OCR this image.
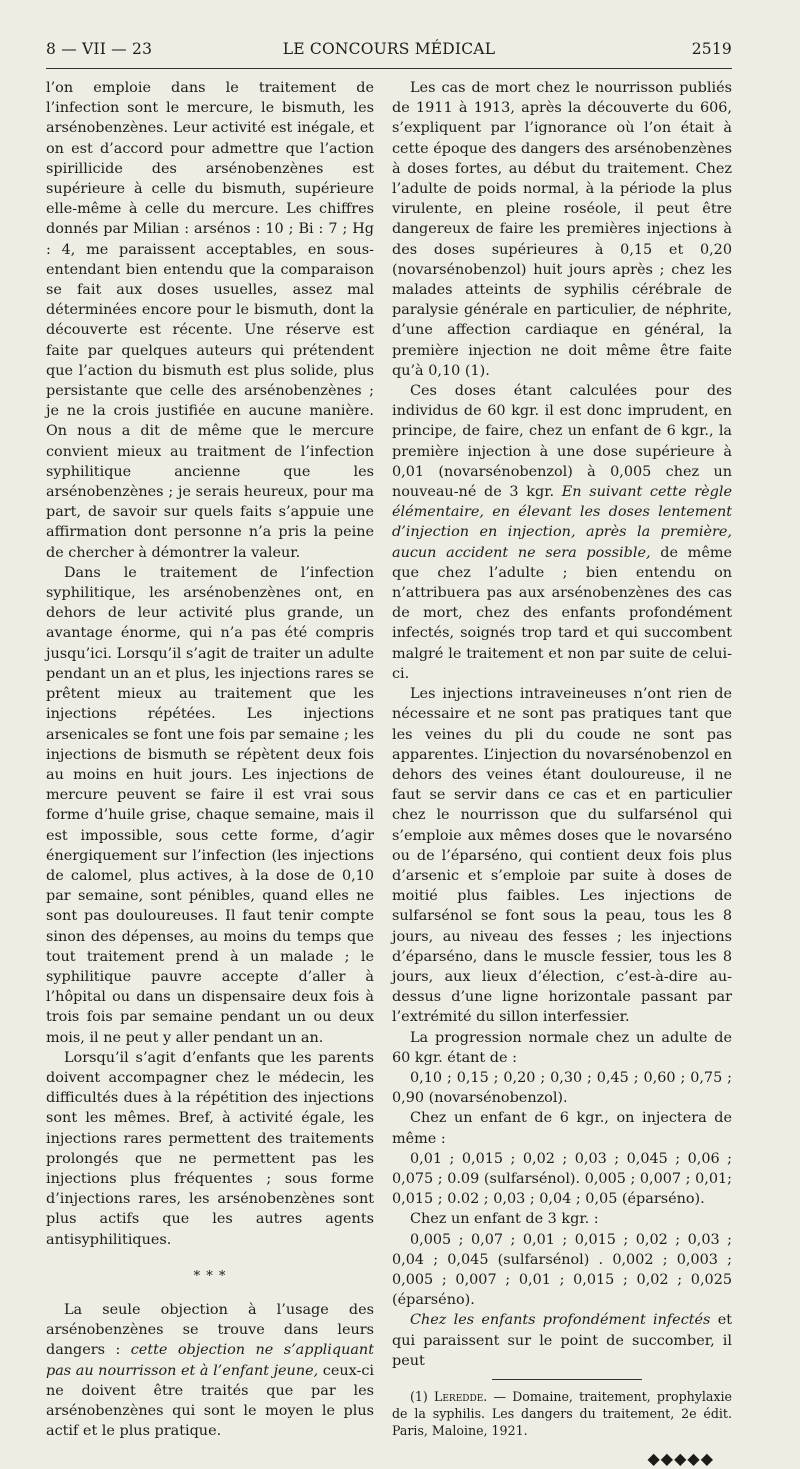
8 — VII — 23	LE CONCOURS MÉDICAL	2519

l’on emploie dans le traitement de l’infection sont le mercure, le bismuth, les arsénobenzènes. Leur activité est inégale, et on est d’accord pour admettre que l’action spirillicide des arsénobenzènes est supérieure à celle du bismuth, supérieure elle-même à celle du mercure. Les chiffres donnés par Milian : arsénos : 10 ; Bi : 7 ; Hg : 4, me paraissent acceptables, en sous-entendant bien entendu que la comparaison se fait aux doses usuelles, assez mal déterminées encore pour le bismuth, dont la découverte est récente. Une réserve est faite par quelques auteurs qui prétendent que l’action du bismuth est plus solide, plus persistante que celle des arsénobenzènes ; je ne la crois justifiée en aucune manière. On nous a dit de même que le mercure convient mieux au traitment de l’infection syphilitique ancienne que les arsénobenzènes ; je serais heureux, pour ma part, de savoir sur quels faits s’appuie une affirmation dont personne n’a pris la peine de chercher à démontrer la valeur.

Dans le traitement de l’infection syphilitique, les arsénobenzènes ont, en dehors de leur activité plus grande, un avantage énorme, qui n’a pas été compris jusqu’ici. Lorsqu’il s’agit de traiter un adulte pendant un an et plus, les injections rares se prêtent mieux au traitement que les injections répétées. Les injections arsenicales se font une fois par semaine ; les injections de bismuth se répètent deux fois au moins en huit jours. Les injections de mercure peuvent se faire il est vrai sous forme d’huile grise, chaque semaine, mais il est impossible, sous cette forme, d’agir énergiquement sur l’infection (les injections de calomel, plus actives, à la dose de 0,10 par semaine, sont pénibles, quand elles ne sont pas douloureuses. Il faut tenir compte sinon des dépenses, au moins du temps que tout traitement prend à un malade ; le syphilitique pauvre accepte d’aller à l’hôpital ou dans un dispensaire deux fois à trois fois par semaine pendant un ou deux mois, il ne peut y aller pendant un an.

Lorsqu’il s’agit d’enfants que les parents doivent accompagner chez le médecin, les difficultés dues à la répétition des injections sont les mêmes. Bref, à activité égale, les injections rares permettent des traitements prolongés que ne permettent pas les injections plus fréquentes ; sous forme d’injections rares, les arsénobenzènes sont plus actifs que les autres agents antisyphilitiques.

* * *

La seule objection à l’usage des arsénobenzènes se trouve dans leurs dangers : cette objection ne s’appliquant pas au nourrisson et à l’enfant jeune, ceux-ci ne doivent être traités que par les arsénobenzènes qui sont le moyen le plus actif et le plus pratique.

Les cas de mort chez le nourrisson publiés de 1911 à 1913, après la découverte du 606, s’expliquent par l’ignorance où l’on était à cette époque des dangers des arsénobenzènes à doses fortes, au début du traitement. Chez l’adulte de poids normal, à la période la plus virulente, en pleine roséole, il peut être dangereux de faire les premières injections à des doses supérieures à 0,15 et 0,20 (novarsénobenzol) huit jours après ; chez les malades atteints de syphilis cérébrale de paralysie générale en particulier, de néphrite, d’une affection cardiaque en général, la première injection ne doit même être faite qu’à 0,10 (1).

Ces doses étant calculées pour des individus de 60 kgr. il est donc imprudent, en principe, de faire, chez un enfant de 6 kgr., la première injection à une dose supérieure à 0,01 (novarsénobenzol) à 0,005 chez un nouveau-né de 3 kgr. En suivant cette règle élémentaire, en élevant les doses lentement d’injection en injection, après la première, aucun accident ne sera possible, de même que chez l’adulte ; bien entendu on n’attribuera pas aux arsénobenzènes des cas de mort, chez des enfants profondément infectés, soignés trop tard et qui succombent malgré le traitement et non par suite de celui-ci.

Les injections intraveineuses n’ont rien de nécessaire et ne sont pas pratiques tant que les veines du pli du coude ne sont pas apparentes. L’injection du novarsénobenzol en dehors des veines étant douloureuse, il ne faut se servir dans ce cas et en particulier chez le nourrisson que du sulfarsénol qui s’emploie aux mêmes doses que le novarséno ou de l’éparséno, qui contient deux fois plus d’arsenic et s’emploie par suite à doses de moitié plus faibles. Les injections de sulfarsénol se font sous la peau, tous les 8 jours, au niveau des fesses ; les injections d’éparséno, dans le muscle fessier, tous les 8 jours, aux lieux d’élection, c’est-à-dire au-dessus d’une ligne horizontale passant par l’extrémité du sillon interfessier.

La progression normale chez un adulte de 60 kgr. étant de :

0,10 ; 0,15 ; 0,20 ; 0,30 ; 0,45 ; 0,60 ; 0,75 ; 0,90 (novarsénobenzol).

Chez un enfant de 6 kgr., on injectera de même :

0,01 ; 0,015 ; 0,02 ; 0,03 ; 0,045 ; 0,06 ; 0,075 ; 0.09 (sulfarsénol). 0,005 ; 0,007 ; 0,01; 0,015 ; 0.02 ; 0,03 ; 0,04 ; 0,05 (éparséno).

Chez un enfant de 3 kgr. :

0,005 ; 0,07 ; 0,01 ; 0,015 ; 0,02 ; 0,03 ; 0,04 ; 0,045 (sulfarsénol) . 0,002 ; 0,003 ; 0,005 ; 0,007 ; 0,01 ; 0,015 ; 0,02 ; 0,025 (éparséno).

Chez les enfants profondément infectés et qui paraissent sur le point de succomber, il peut

(1) Leredde. — Domaine, traitement, prophylaxie de la syphilis. Les dangers du traitement, 2e édit. Paris, Maloine, 1921.

◆◆◆◆◆
